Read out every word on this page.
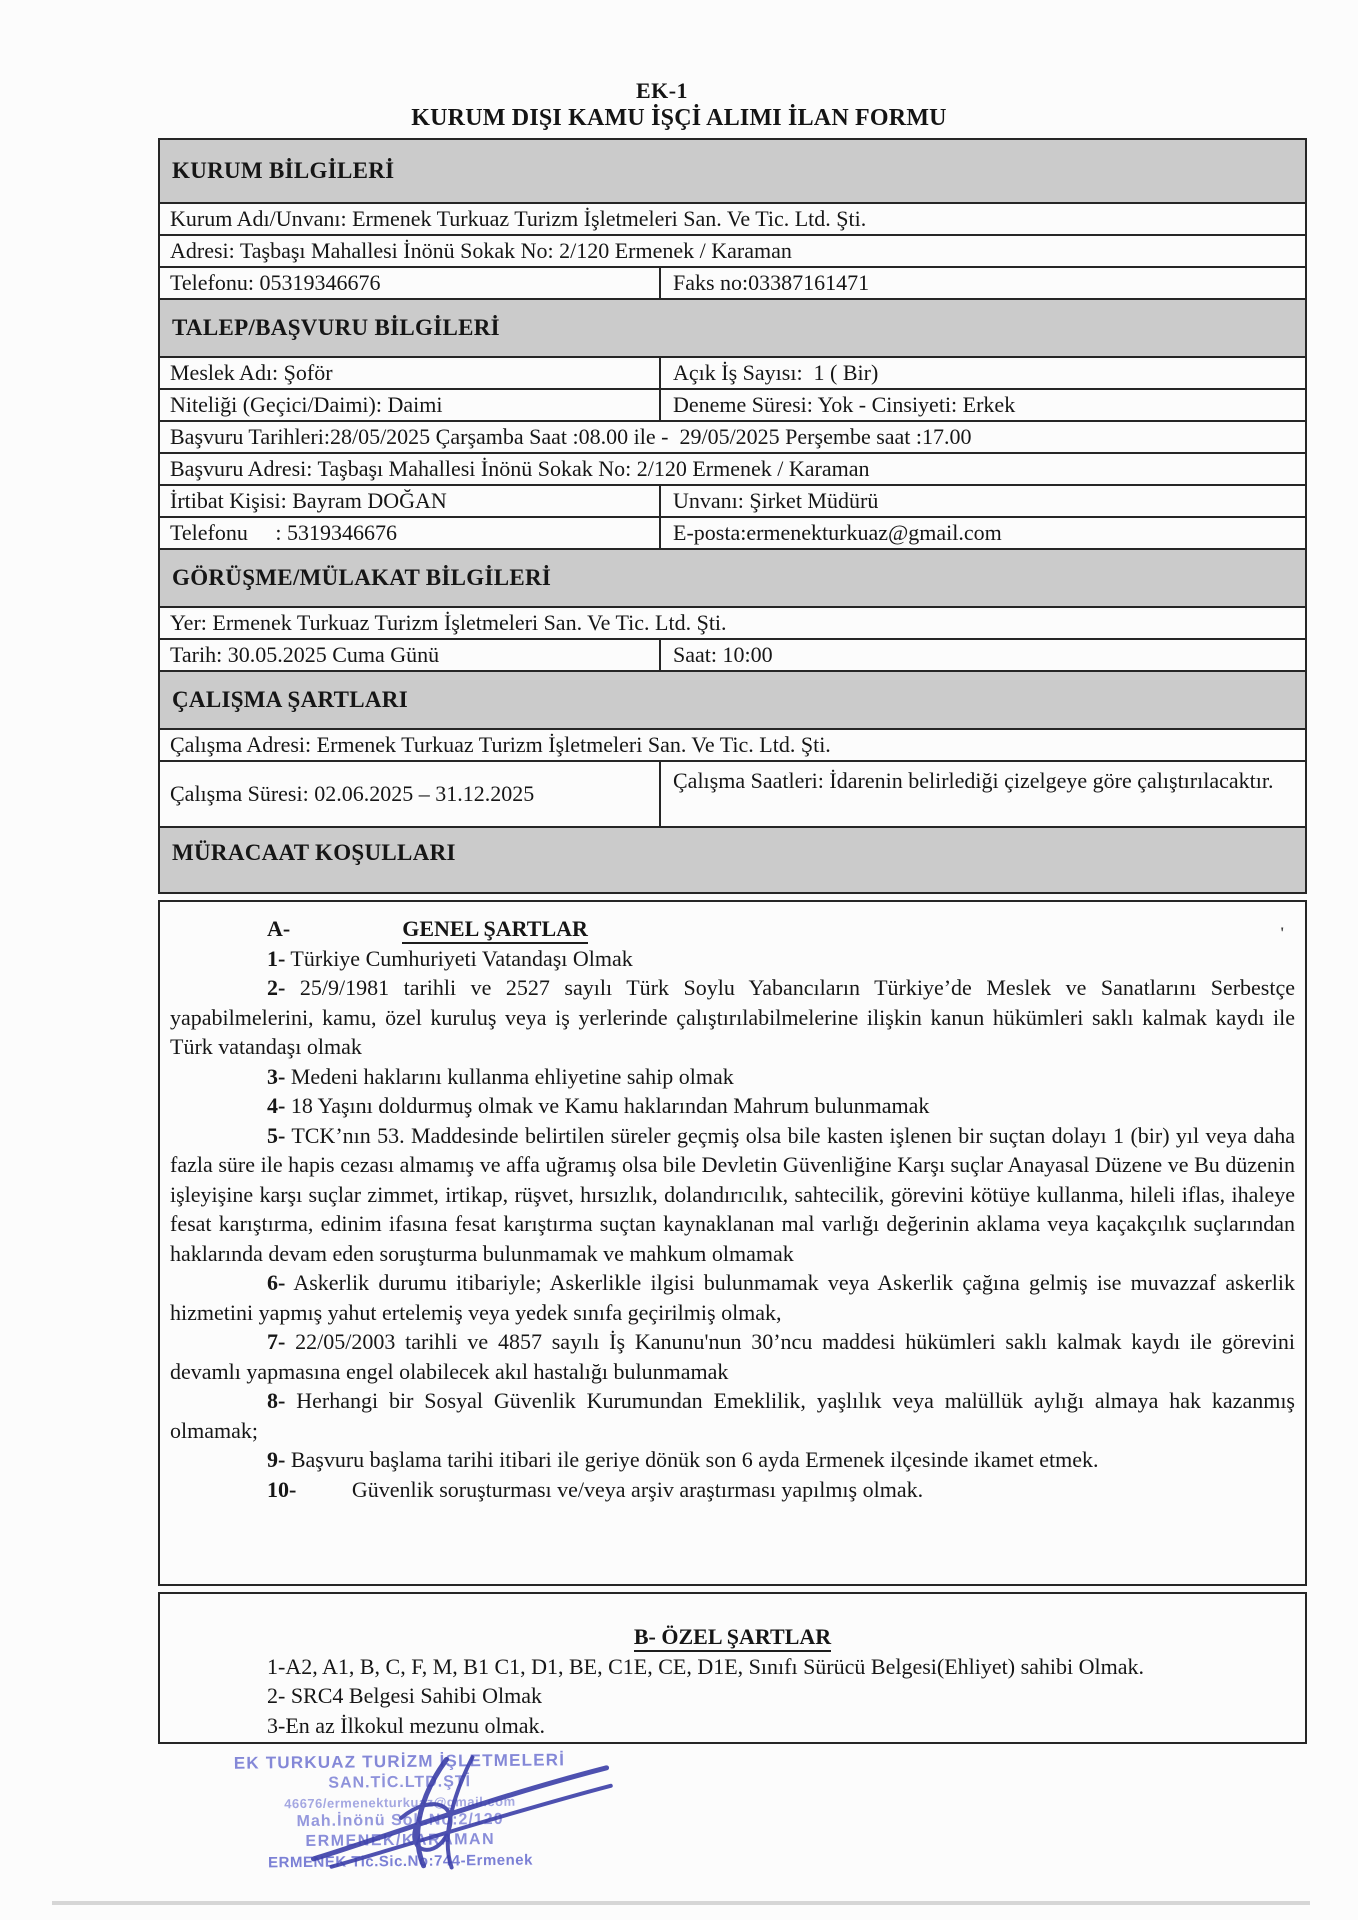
EK-1
KURUM DIŞI KAMU İŞÇİ ALIMI İLAN FORMU
KURUM BİLGİLERİ
Kurum Adı/Unvanı: Ermenek Turkuaz Turizm İşletmeleri San. Ve Tic. Ltd. Şti.
Adresi: Taşbaşı Mahallesi İnönü Sokak No: 2/120 Ermenek / Karaman
Telefonu: 05319346676	Faks no:03387161471
TALEP/BAŞVURU BİLGİLERİ
Meslek Adı: Şoför	Açık İş Sayısı:  1 ( Bir)
Niteliği (Geçici/Daimi): Daimi	Deneme Süresi: Yok - Cinsiyeti: Erkek
Başvuru Tarihleri:28/05/2025 Çarşamba Saat :08.00 ile -  29/05/2025 Perşembe saat :17.00
Başvuru Adresi: Taşbaşı Mahallesi İnönü Sokak No: 2/120 Ermenek / Karaman
İrtibat Kişisi: Bayram DOĞAN	Unvanı: Şirket Müdürü
Telefonu     : 5319346676	E-posta:ermenekturkuaz@gmail.com
GÖRÜŞME/MÜLAKAT BİLGİLERİ
Yer: Ermenek Turkuaz Turizm İşletmeleri San. Ve Tic. Ltd. Şti.
Tarih: 30.05.2025 Cuma Günü	Saat: 10:00
ÇALIŞMA ŞARTLARI
Çalışma Adresi: Ermenek Turkuaz Turizm İşletmeleri San. Ve Tic. Ltd. Şti.
Çalışma Süresi: 02.06.2025 – 31.12.2025
Çalışma Saatleri: İdarenin belirlediği çizelgeye göre çalıştırılacaktır.
MÜRACAAT KOŞULLARI

A-	GENEL ŞARTLAR

1- Türkiye Cumhuriyeti Vatandaşı Olmak

2- 25/9/1981 tarihli ve 2527 sayılı Türk Soylu Yabancıların Türkiye’de Meslek ve Sanatlarını Serbestçe yapabilmelerini, kamu, özel kuruluş veya iş yerlerinde çalıştırılabilmelerine ilişkin kanun hükümleri saklı kalmak kaydı ile Türk vatandaşı olmak

3- Medeni haklarını kullanma ehliyetine sahip olmak

4- 18 Yaşını doldurmuş olmak ve Kamu haklarından Mahrum bulunmamak

5- TCK’nın 53. Maddesinde belirtilen süreler geçmiş olsa bile kasten işlenen bir suçtan dolayı 1 (bir) yıl veya daha fazla süre ile hapis cezası almamış ve affa uğramış olsa bile Devletin Güvenliğine Karşı suçlar Anayasal Düzene ve Bu düzenin işleyişine karşı suçlar zimmet, irtikap, rüşvet, hırsızlık, dolandırıcılık, sahtecilik, görevini kötüye kullanma, hileli iflas, ihaleye fesat karıştırma, edinim ifasına fesat karıştırma suçtan kaynaklanan mal varlığı değerinin aklama veya kaçakçılık suçlarından haklarında devam eden soruşturma bulunmamak ve mahkum olmamak

6- Askerlik durumu itibariyle; Askerlikle ilgisi bulunmamak veya Askerlik çağına gelmiş ise muvazzaf askerlik hizmetini yapmış yahut ertelemiş veya yedek sınıfa geçirilmiş olmak,

7- 22/05/2003 tarihli ve 4857 sayılı İş Kanunu'nun 30’ncu maddesi hükümleri saklı kalmak kaydı ile görevini devamlı yapmasına engel olabilecek akıl hastalığı bulunmamak

8- Herhangi bir Sosyal Güvenlik Kurumundan Emeklilik, yaşlılık veya malüllük aylığı almaya hak kazanmış olmamak;

9- Başvuru başlama tarihi itibari ile geriye dönük son 6 ayda Ermenek ilçesinde ikamet etmek.

10- Güvenlik soruşturması ve/veya arşiv araştırması yapılmış olmak.

B- ÖZEL ŞARTLAR

1-A2, A1, B, C, F, M, B1 C1, D1, BE, C1E, CE, D1E, Sınıfı Sürücü Belgesi(Ehliyet) sahibi Olmak.

2- SRC4 Belgesi Sahibi Olmak

3-En az İlkokul mezunu olmak.

'
EK TURKUAZ TURİZM İŞLETMELERİ
SAN.TİC.LTD.ŞTİ
46676/ermenekturkuaz@gmail.com
Mah.İnönü Sok.No:2/120
ERMENEK/KARAMAN
ERMENEK Tic.Sic.No:744-Ermenek
